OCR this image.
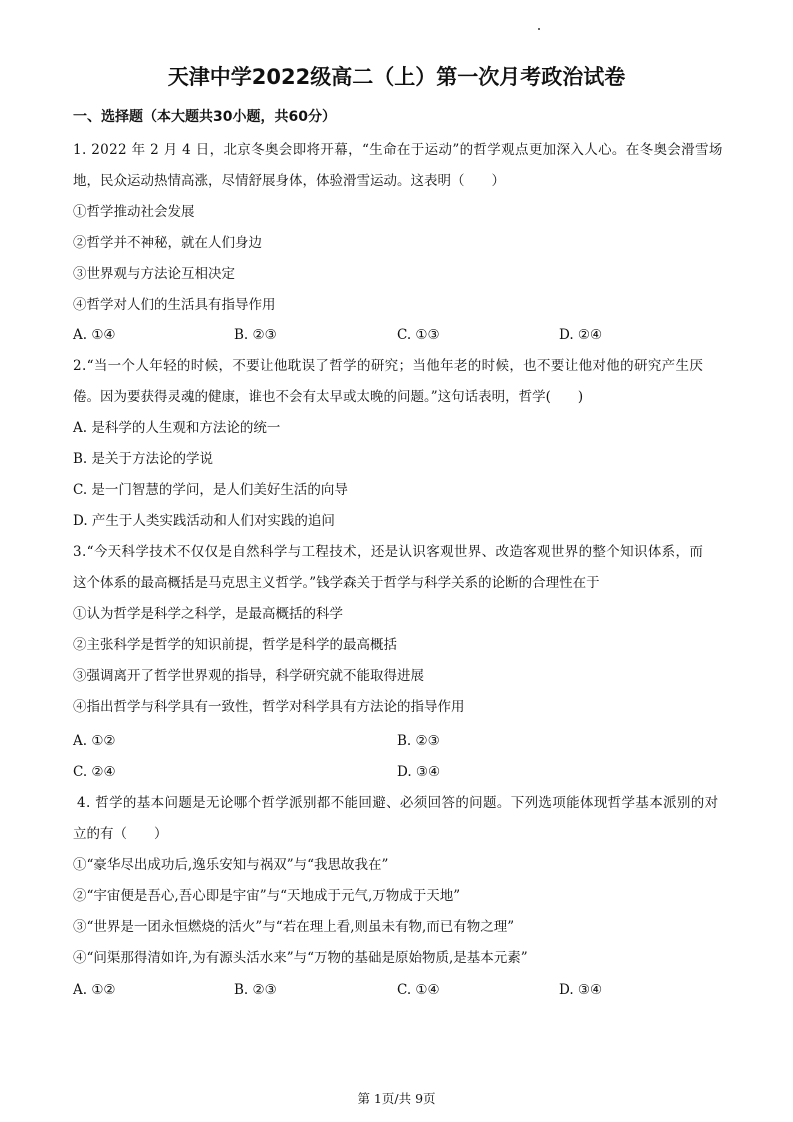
天津中学2022级高二（上）第一次月考政治试卷
一、选择题（本大题共30小题，共60分）
1. 2022 年 2 月 4 日，北京冬奥会即将开幕，“生命在于运动”的哲学观点更加深入人心。在冬奥会滑雪场
地，民众运动热情高涨，尽情舒展身体，体验滑雪运动。这表明（　　）
①哲学推动社会发展
②哲学并不神秘，就在人们身边
③世界观与方法论互相决定
④哲学对人们的生活具有指导作用
A. ①④	B. ②③	C. ①③	D. ②④
2.“当一个人年轻的时候，不要让他耽误了哲学的研究；当他年老的时候，也不要让他对他的研究产生厌
倦。因为要获得灵魂的健康，谁也不会有太早或太晚的问题。”这句话表明，哲学(　　)
A. 是科学的人生观和方法论的统一
B. 是关于方法论的学说
C. 是一门智慧的学问，是人们美好生活的向导
D. 产生于人类实践活动和人们对实践的追问
3.“今天科学技术不仅仅是自然科学与工程技术，还是认识客观世界、改造客观世界的整个知识体系，而
这个体系的最高概括是马克思主义哲学。”钱学森关于哲学与科学关系的论断的合理性在于
①认为哲学是科学之科学，是最高概括的科学
②主张科学是哲学的知识前提，哲学是科学的最高概括
③强调离开了哲学世界观的指导，科学研究就不能取得进展
④指出哲学与科学具有一致性，哲学对科学具有方法论的指导作用
A. ①②	B. ②③
C. ②④	D. ③④
4. 哲学的基本问题是无论哪个哲学派别都不能回避、必须回答的问题。下列选项能体现哲学基本派别的对
立的有（　　）
①“豪华尽出成功后,逸乐安知与祸双”与“我思故我在”
②“宇宙便是吾心,吾心即是宇宙”与“天地成于元气,万物成于天地”
③“世界是一团永恒燃烧的活火”与“若在理上看,则虽未有物,而已有物之理”
④“问渠那得清如许,为有源头活水来”与“万物的基础是原始物质,是基本元素”
A. ①②	B. ②③	C. ①④	D. ③④
第 1页/共 9页
